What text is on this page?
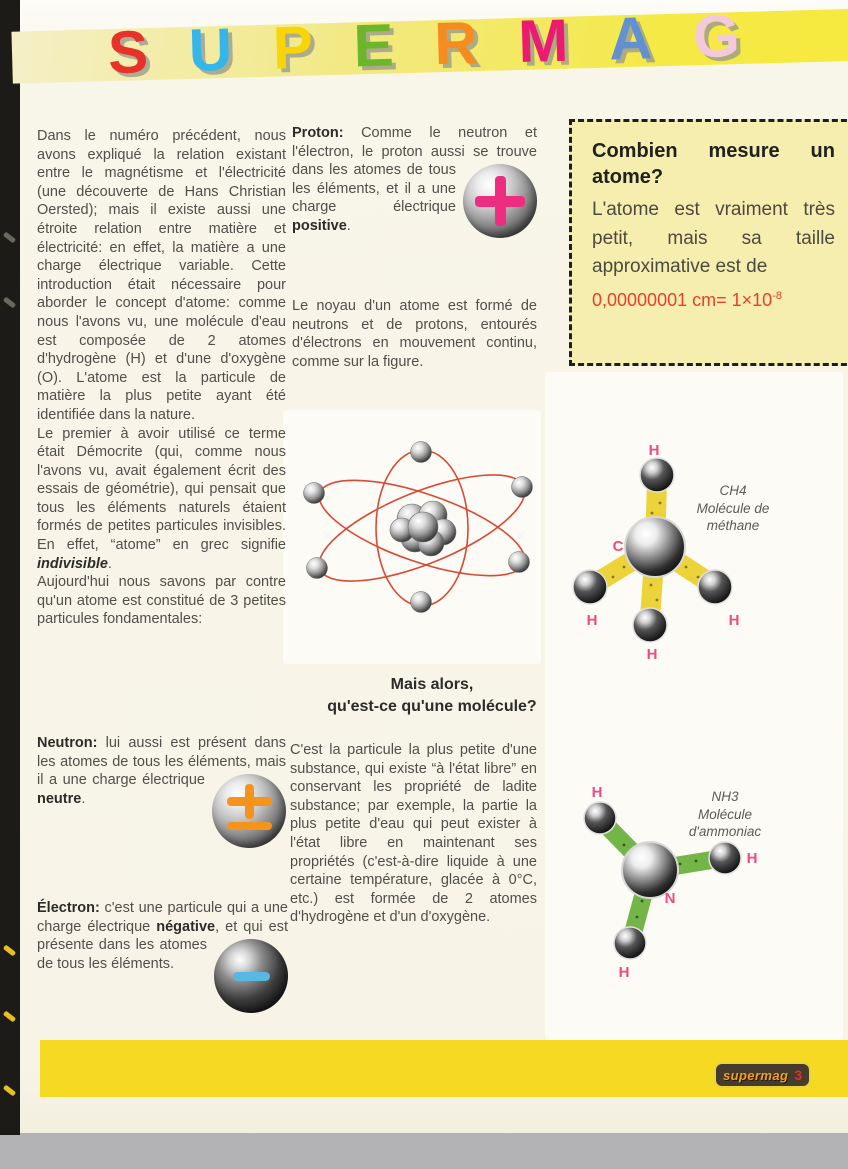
S U P E R M A G

Dans le numéro précédent, nous avons expliqué la relation existant entre le magnétisme et l'électricité (une découverte de Hans Christian Oersted); mais il existe aussi une étroite relation entre matière et électricité: en effet, la matière a une charge électrique variable. Cette introduction était nécessaire pour aborder le concept d'atome: comme nous l'avons vu, une molécule d'eau est composée de 2 atomes d'hydrogène (H) et d'une d'oxygène (O). L'atome est la particule de matière la plus petite ayant été identifiée dans la nature.

Le premier à avoir utilisé ce terme était Démocrite (qui, comme nous l'avons vu, avait également écrit des essais de géométrie), qui pensait que tous les éléments naturels étaient formés de petites particules invisibles. En effet, “atome” en grec signifie indivisible.

Aujourd'hui nous savons par contre qu'un atome est constitué de 3 petites particules fondamentales:

Neutron: lui aussi est présent dans les atomes de tous les éléments, mais il a
une charge électrique neutre.
Électron: c'est une particule qui a une charge électrique négative, et qui est
présente dans les atomes de tous les éléments.
Proton: Comme le neutron et l'électron, le proton aussi se trouve
dans les atomes de tous les éléments, et il a une charge électrique positive.

Le noyau d'un atome est formé de neutrons et de protons, entourés d'électrons en mouvement continu, comme sur la figure.

Mais alors,
qu'est-ce qu'une molécule?

C'est la particule la plus petite d'une substance, qui existe “à l'état libre” en conservant les propriété de ladite substance; par exemple, la partie la plus petite d'eau qui peut exister à l'état libre en maintenant ses propriétés (c'est-à-dire liquide à une certaine température, glacée à 0°C, etc.) est formée de 2 atomes d'hydrogène et d'un d'oxygène.

Combien mesure un atome?
L'atome est vraiment très petit, mais sa taille approximative est de
0,00000001 $cm= 1\times 10^{-8}$
H
C
H	H
H
CH4
Molécule de
méthane
H
H
H
N
NH3
Molécule
d'ammoniac
supermag 3
